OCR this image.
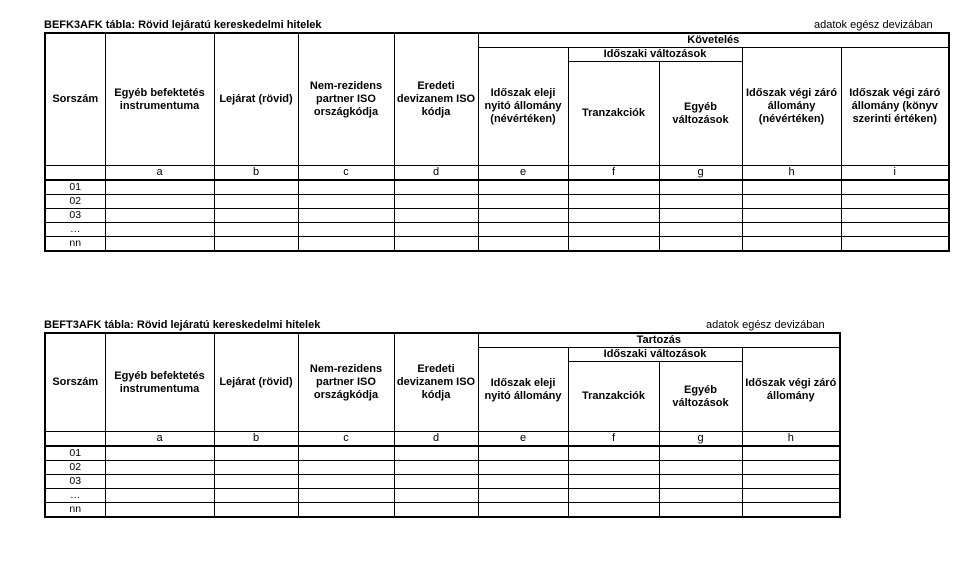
BEFK3AFK tábla: Rövid lejáratú kereskedelmi hitelek	adatok egész devizában
Sorszám	Egyéb befektetés instrumentuma	Lejárat (rövid)	Nem-rezidens partner ISO országkódja	Eredeti devizanem ISO kódja	Követelés				
					Időszak eleji nyitó állomány (névértéken)	Időszaki változások		Időszak végi záró állomány (névértéken)	Időszak végi záró állomány (könyv szerinti értéken)
						Tranzakciók	Egyéb változások		
	a	b	c	d	e	f	g	h	i
01									
02									
03									
…									
nn									
BEFT3AFK tábla: Rövid lejáratú kereskedelmi hitelek	adatok egész devizában
Sorszám	Egyéb befektetés instrumentuma	Lejárat (rövid)	Nem-rezidens partner ISO országkódja	Eredeti devizanem ISO kódja	Tartozás			
					Időszak eleji nyitó állomány	Időszaki változások		Időszak végi záró állomány
						Tranzakciók	Egyéb változások	
	a	b	c	d	e	f	g	h
01								
02								
03								
…								
nn								
